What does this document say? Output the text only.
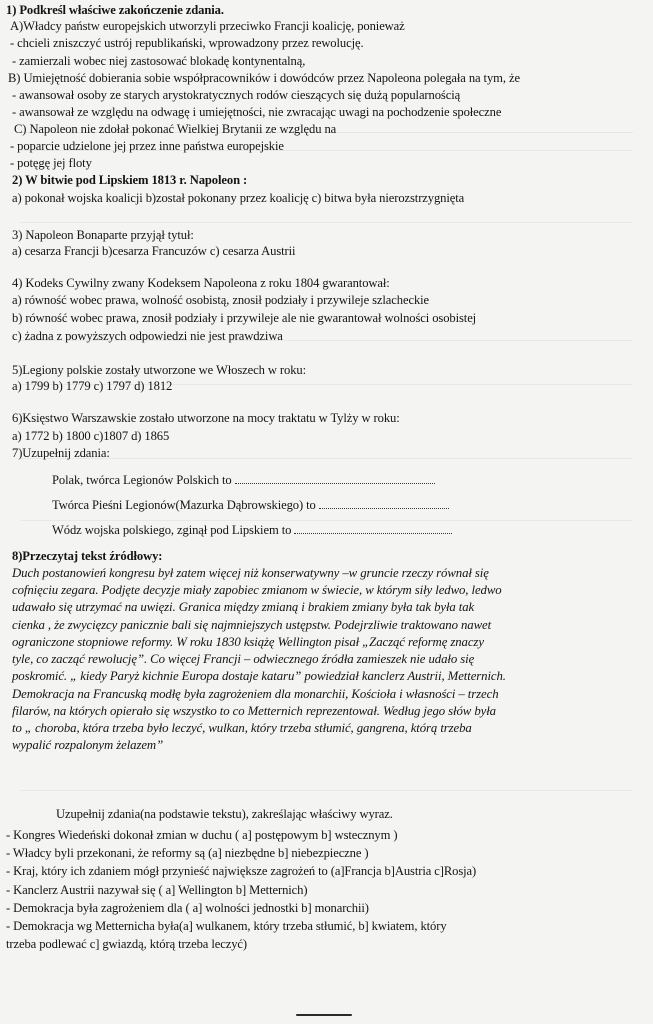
1) Podkreśl właściwe zakończenie zdania.
A)Władcy państw europejskich utworzyli przeciwko Francji koalicję, ponieważ
- chcieli zniszczyć ustrój republikański, wprowadzony przez rewolucję.
- zamierzali wobec niej zastosować blokadę kontynentalną,
B) Umiejętność dobierania sobie współpracowników i dowódców przez Napoleona polegała na tym, że
- awansował osoby ze starych arystokratycznych rodów cieszących się dużą popularnością
- awansował ze względu na odwagę i umiejętności, nie zwracając uwagi na pochodzenie społeczne
C) Napoleon nie zdołał pokonać Wielkiej Brytanii ze względu na
- poparcie udzielone jej przez inne państwa europejskie
- potęgę jej floty
2) W bitwie pod Lipskiem 1813 r. Napoleon :
a) pokonał wojska koalicji b)został pokonany przez koalicję c) bitwa była nierozstrzygnięta
3) Napoleon Bonaparte przyjął tytuł:
a) cesarza Francji b)cesarza Francuzów c) cesarza Austrii
4) Kodeks Cywilny zwany Kodeksem Napoleona z roku 1804 gwarantował:
a) równość wobec prawa, wolność osobistą, znosił podziały i przywileje szlacheckie
b) równość wobec prawa, znosił podziały i przywileje ale nie gwarantował wolności osobistej
c) żadna z powyższych odpowiedzi nie jest prawdziwa
5)Legiony polskie zostały utworzone we Włoszech w roku:
a) 1799 b) 1779 c) 1797 d) 1812
6)Księstwo Warszawskie zostało utworzone na mocy traktatu w Tylży w roku:
a) 1772 b) 1800 c)1807 d) 1865
7)Uzupełnij zdania:
Polak, twórca Legionów Polskich to
Twórca Pieśni Legionów(Mazurka Dąbrowskiego) to
Wódz wojska polskiego, zginął pod Lipskiem to
8)Przeczytaj tekst źródłowy:
Duch postanowień kongresu był zatem więcej niż konserwatywny –w gruncie rzeczy równał się
cofnięciu zegara. Podjęte decyzje miały zapobiec zmianom w świecie, w którym siły ledwo, ledwo
udawało się utrzymać na uwięzi. Granica między zmianą i brakiem zmiany była tak była tak
cienka , że zwycięzcy panicznie bali się najmniejszych ustępstw. Podejrzliwie traktowano nawet
ograniczone stopniowe reformy. W roku 1830 książę Wellington pisał „Zacząć reformę znaczy
tyle, co zacząć rewolucję”. Co więcej Francji – odwiecznego źródła zamieszek nie udało się
poskromić. „ kiedy Paryż kichnie Europa dostaje kataru” powiedział kanclerz Austrii, Metternich.
Demokracja na Francuską modłę była zagrożeniem dla monarchii, Kościoła i własności – trzech
filarów, na których opierało się wszystko to co Metternich reprezentował. Według jego słów była
to „ choroba, która trzeba było leczyć, wulkan, który trzeba stłumić, gangrena, którą trzeba
wypalić rozpalonym żelazem”
Uzupełnij zdania(na podstawie tekstu), zakreślając właściwy wyraz.
- Kongres Wiedeński dokonał zmian w duchu ( a] postępowym b] wstecznym )
- Władcy byli przekonani, że reformy są (a] niezbędne b] niebezpieczne )
- Kraj, który ich zdaniem mógł przynieść największe zagrożeń to (a]Francja b]Austria c]Rosja)
- Kanclerz Austrii nazywał się ( a] Wellington b] Metternich)
- Demokracja była zagrożeniem dla ( a] wolności jednostki b] monarchii)
- Demokracja wg Metternicha była(a] wulkanem, który trzeba stłumić, b] kwiatem, który
trzeba podlewać c] gwiazdą, którą trzeba leczyć)
